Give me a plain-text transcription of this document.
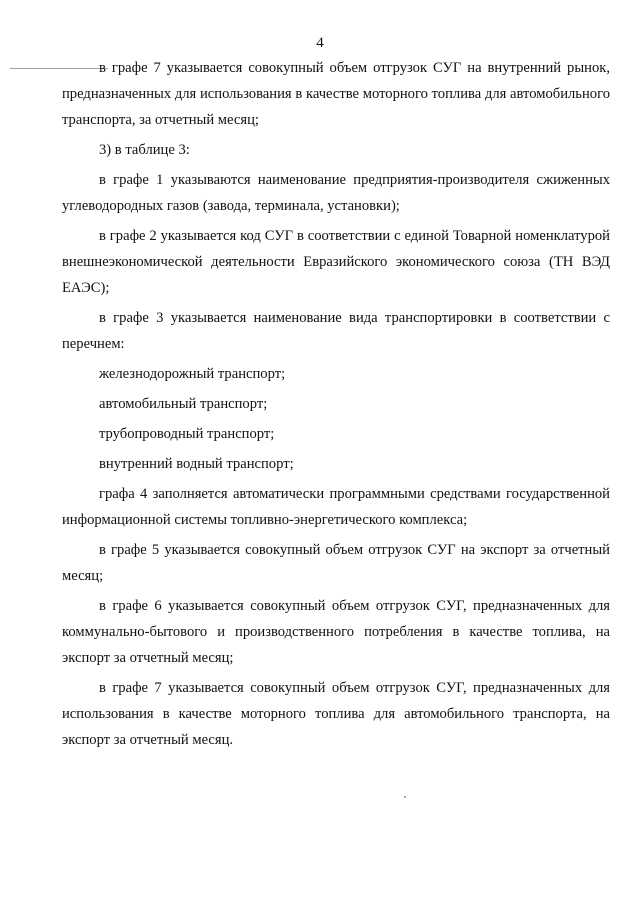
4

в графе 7 указывается совокупный объем отгрузок СУГ на внутренний рынок, предназначенных для использования в качестве моторного топлива для автомобильного транспорта, за отчетный месяц;

3) в таблице 3:

в графе 1 указываются наименование предприятия-производителя сжиженных углеводородных газов (завода, терминала, установки);

в графе 2 указывается код СУГ в соответствии с единой Товарной номенклатурой внешнеэкономической деятельности Евразийского экономического союза (ТН ВЭД ЕАЭС);

в графе 3 указывается наименование вида транспортировки в соответствии с перечнем:

железнодорожный транспорт;

автомобильный транспорт;

трубопроводный транспорт;

внутренний водный транспорт;

графа 4 заполняется автоматически программными средствами государственной информационной системы топливно-энергетического комплекса;

в графе 5 указывается совокупный объем отгрузок СУГ на экспорт за отчетный месяц;

в графе 6 указывается совокупный объем отгрузок СУГ, предназначенных для коммунально-бытового и производственного потребления в качестве топлива, на экспорт за отчетный месяц;

в графе 7 указывается совокупный объем отгрузок СУГ, предназначенных для использования в качестве моторного топлива для автомобильного транспорта, на экспорт за отчетный месяц.
